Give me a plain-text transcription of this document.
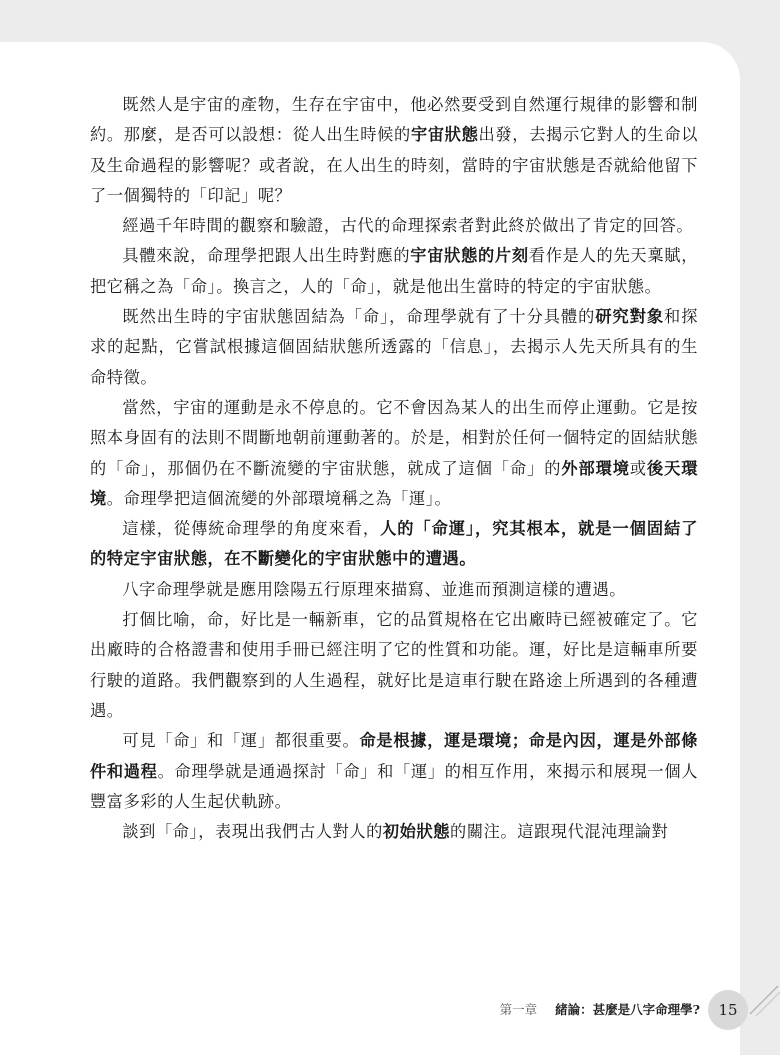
既然人是宇宙的產物，生存在宇宙中，他必然要受到自然運行規律的影響和制約。那麼，是否可以設想：從人出生時候的宇宙狀態出發，去揭示它對人的生命以及生命過程的影響呢？或者說，在人出生的時刻，當時的宇宙狀態是否就給他留下了一個獨特的「印記」呢？

經過千年時間的觀察和驗證，古代的命理探索者對此終於做出了肯定的回答。

具體來說，命理學把跟人出生時對應的宇宙狀態的片刻看作是人的先天稟賦，把它稱之為「命」。換言之，人的「命」，就是他出生當時的特定的宇宙狀態。

既然出生時的宇宙狀態固結為「命」，命理學就有了十分具體的研究對象和探求的起點，它嘗試根據這個固結狀態所透露的「信息」，去揭示人先天所具有的生命特徵。

當然，宇宙的運動是永不停息的。它不會因為某人的出生而停止運動。它是按照本身固有的法則不間斷地朝前運動著的。於是，相對於任何一個特定的固結狀態的「命」，那個仍在不斷流變的宇宙狀態，就成了這個「命」的外部環境或後天環境。命理學把這個流變的外部環境稱之為「運」。

這樣，從傳統命理學的角度來看，人的「命運」，究其根本，就是一個固結了的特定宇宙狀態，在不斷變化的宇宙狀態中的遭遇。

八字命理學就是應用陰陽五行原理來描寫、並進而預測這樣的遭遇。

打個比喻，命，好比是一輛新車，它的品質規格在它出廠時已經被確定了。它出廠時的合格證書和使用手冊已經注明了它的性質和功能。運，好比是這輛車所要行駛的道路。我們觀察到的人生過程，就好比是這車行駛在路途上所遇到的各種遭遇。

可見「命」和「運」都很重要。命是根據，運是環境；命是內因，運是外部條件和過程。命理學就是通過探討「命」和「運」的相互作用，來揭示和展現一個人豐富多彩的人生起伏軌跡。

談到「命」，表現出我們古人對人的初始狀態的關注。這跟現代混沌理論對

第一章 緒論：甚麼是八字命理學? 15
